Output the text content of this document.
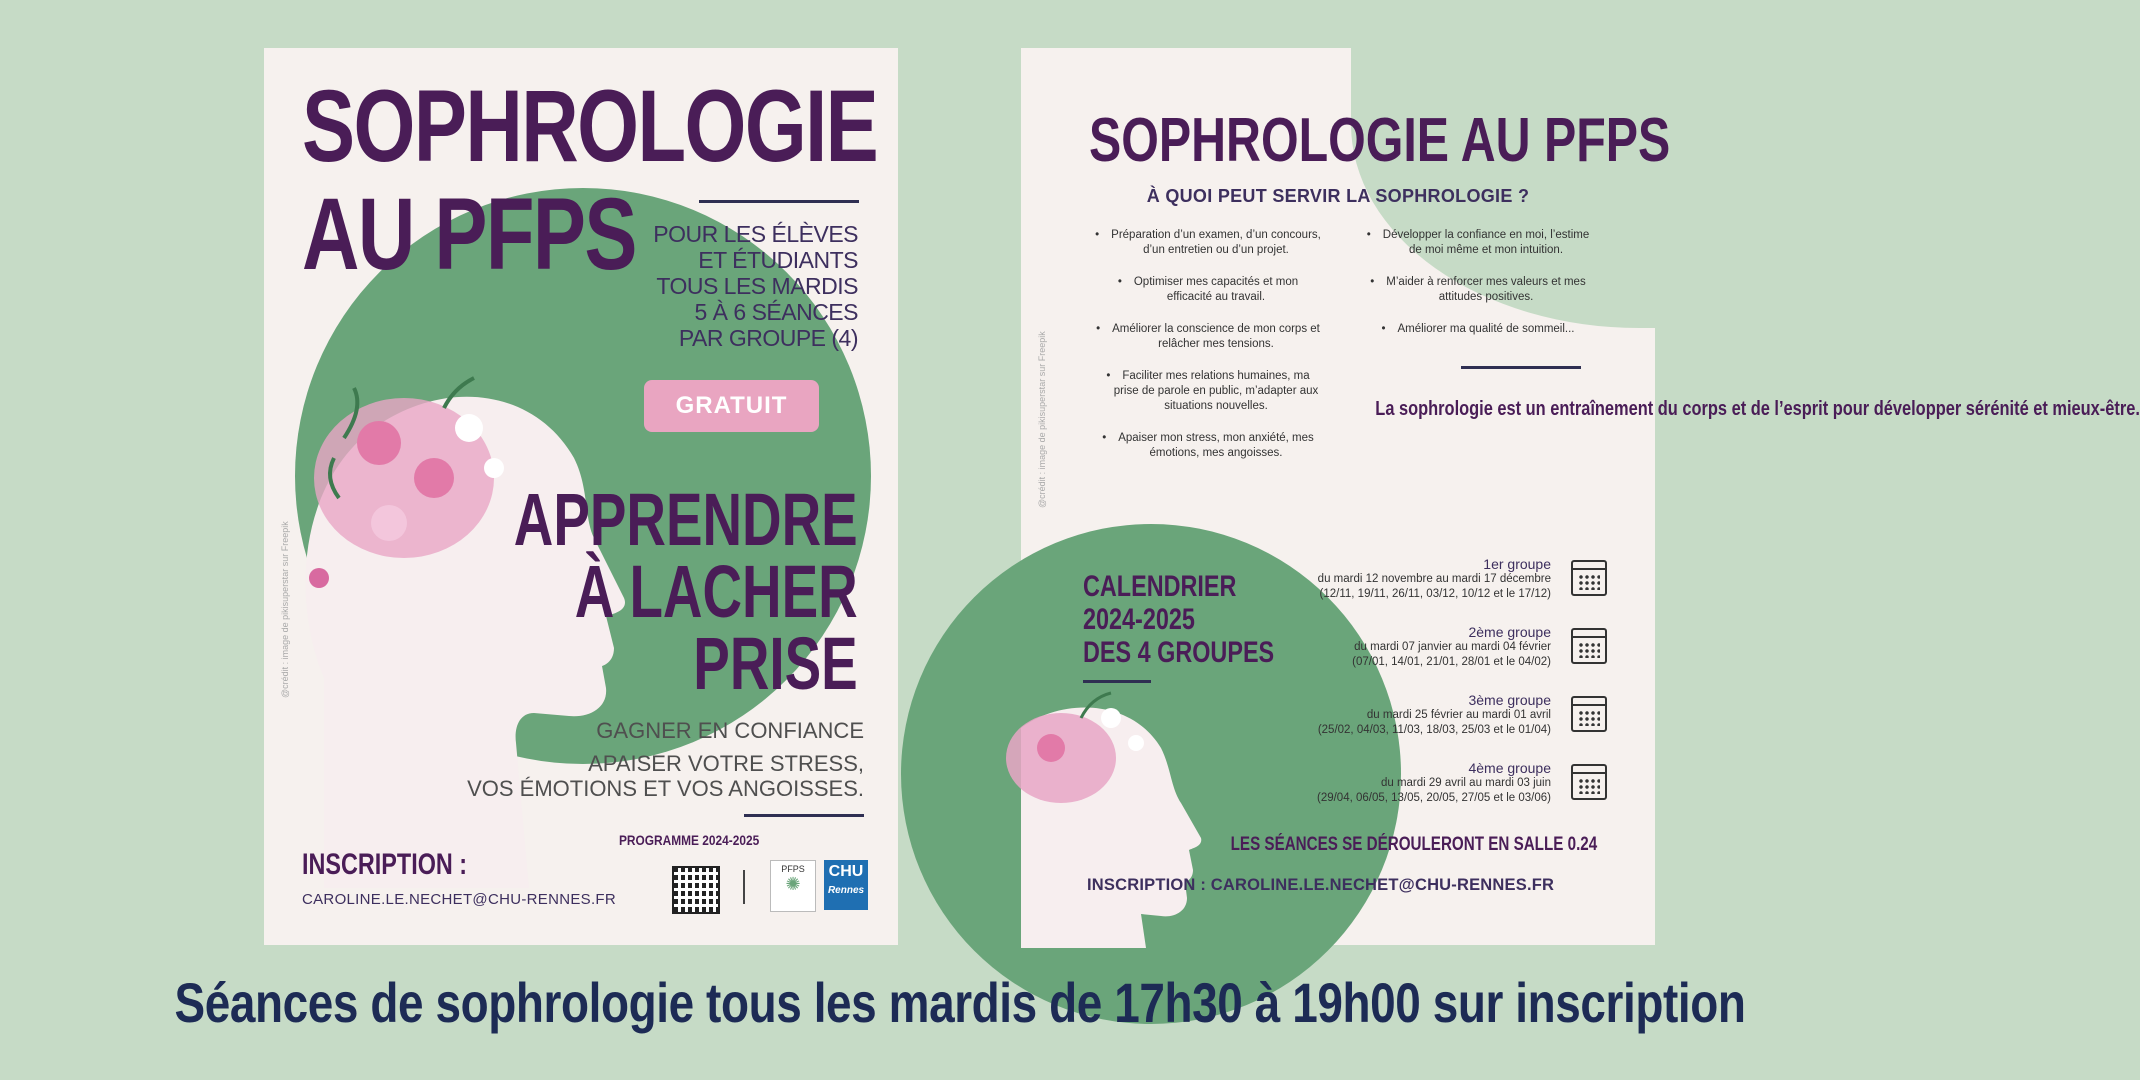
SOPHROLOGIE
AU PFPS POUR LES ÉLÈVES
ET ÉTUDIANTS
TOUS LES MARDIS
5 À 6 SÉANCES
PAR GROUPE (4)
GRATUIT
APPRENDRE
À LACHER
PRISE
GAGNER EN CONFIANCE
APAISER VOTRE STRESS,
VOS ÉMOTIONS ET VOS ANGOISSES.
@crédit : image de pikisuperstar sur Freepik
PROGRAMME 2024-2025
INSCRIPTION :
CAROLINE.LE.NECHET@CHU-RENNES.FR
PFPS
✺
CHU
Rennes
SOPHROLOGIE AU PFPS
À QUOI PEUT SERVIR LA SOPHROLOGIE ?
• Préparation d’un examen, d’un concours, d’un entretien ou d’un projet.
• Optimiser mes capacités et mon efficacité au travail.
• Améliorer la conscience de mon corps et relâcher mes tensions.
• Faciliter mes relations humaines, ma prise de parole en public, m’adapter aux situations nouvelles.
• Apaiser mon stress, mon anxiété, mes émotions, mes angoisses.
• Développer la confiance en moi, l’estime de moi même et mon intuition.
• M’aider à renforcer mes valeurs et mes attitudes positives.
• Améliorer ma qualité de sommeil...
La sophrologie est un entraînement du corps et de l’esprit pour développer sérénité et mieux-être.
@crédit : image de pikisuperstar sur Freepik
CALENDRIER
2024-2025
DES 4 GROUPES
1er groupe
du mardi 12 novembre au mardi 17 décembre
(12/11, 19/11, 26/11, 03/12, 10/12 et le 17/12)
2ème groupe
du mardi 07 janvier au mardi 04 février
(07/01, 14/01, 21/01, 28/01 et le 04/02)
3ème groupe
du mardi 25 février au mardi 01 avril
(25/02, 04/03, 11/03, 18/03, 25/03 et le 01/04)
4ème groupe
du mardi 29 avril au mardi 03 juin
(29/04, 06/05, 13/05, 20/05, 27/05 et le 03/06)
LES SÉANCES SE DÉROULERONT EN SALLE 0.24
INSCRIPTION : CAROLINE.LE.NECHET@CHU-RENNES.FR
Séances de sophrologie tous les mardis de 17h30 à 19h00 sur inscription
